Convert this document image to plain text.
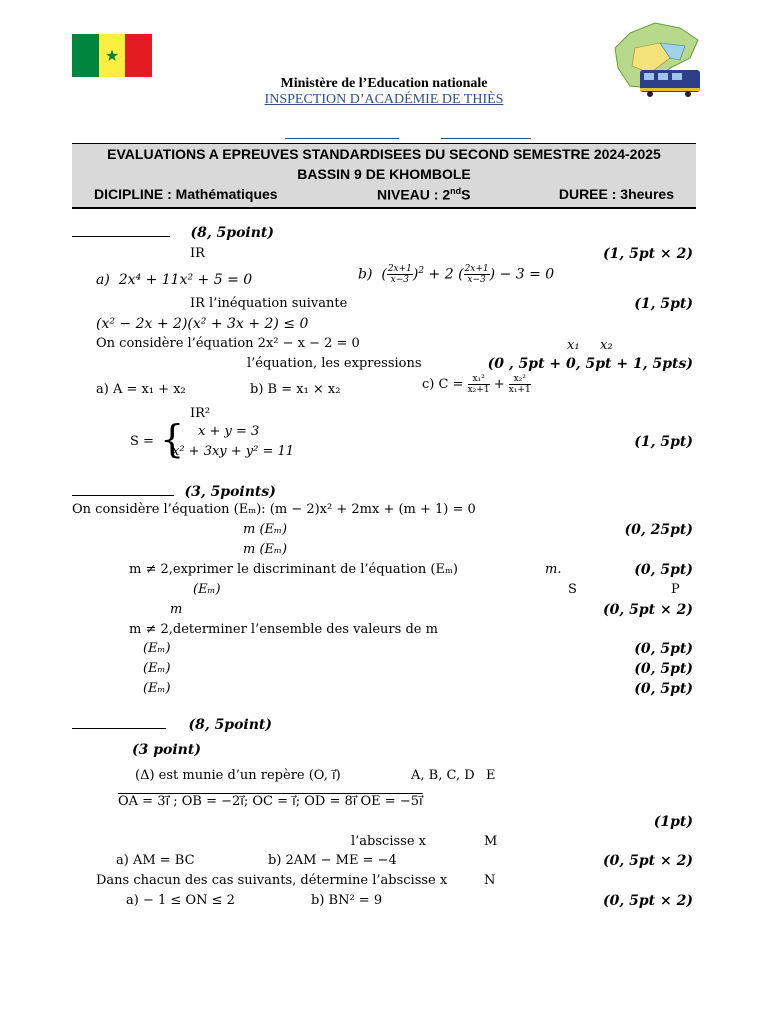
★
Ministère de l’Education nationale
INSPECTION D’ACADÉMIE DE THIÈS
EVALUATIONS A EPREUVES STANDARDISEES DU SECOND SEMESTRE 2024-2025
BASSIN 9 DE KHOMBOLE
DICIPLINE : Mathématiques	NIVEAU : 2ndS	DUREE : 3heures
(8, 5point)
IR	(1, 5pt × 2)
a) 2x⁴ + 11x² + 5 = 0	b)  ( $\frac{2x+1}{x-3} )^2 + 2$ ( $\frac{2x+1}{x-3}$ ) − 3 = 0
IR l’inéquation suivante	(1, 5pt)
(x² − 2x + 2)(x² + 3x + 2) ≤ 0
On considère l’équation 2x² − x − 2 = 0	x₁ x₂
l’équation, les expressions	(0 , 5pt + 0, 5pt + 1, 5pts)
a) A = x₁ + x₂	b) B = x₁ × x₂	c) $C = \frac{\text{x₁²}}{\text{x₂+1}} + \frac{\text{x₂²}}{\text{x₁+1}}$
IR²
S = { x + y = 3
x² + 3xy + y² = 11
(1, 5pt)
(3, 5points)
On considère l’équation (Eₘ): (m − 2)x² + 2mx + (m + 1) = 0
m (Eₘ)	(0, 25pt)
m (Eₘ)
m ≠ 2,exprimer le discriminant de l’équation (Eₘ)	m.	(0, 5pt)
(Eₘ)	S	P
m	(0, 5pt × 2)
m ≠ 2,determiner l’ensemble des valeurs de m
(Eₘ)	(0, 5pt)
(Eₘ)	(0, 5pt)
(Eₘ)	(0, 5pt)
(8, 5point)
(3 point)
(Δ) est munie d’un repère (O, i⃗)	A, B, C, D E
OA = 3i⃗ ; OB = −2i⃗; OC = i⃗; OD = 8i⃗ OE = −5i⃗
(1pt)
l’abscisse x	M
a) AM = BC	b) 2AM − ME = −4	(0, 5pt × 2)
Dans chacun des cas suivants, détermine l’abscisse x	N
a) − 1 ≤ ON ≤ 2	b) BN² = 9	(0, 5pt × 2)
